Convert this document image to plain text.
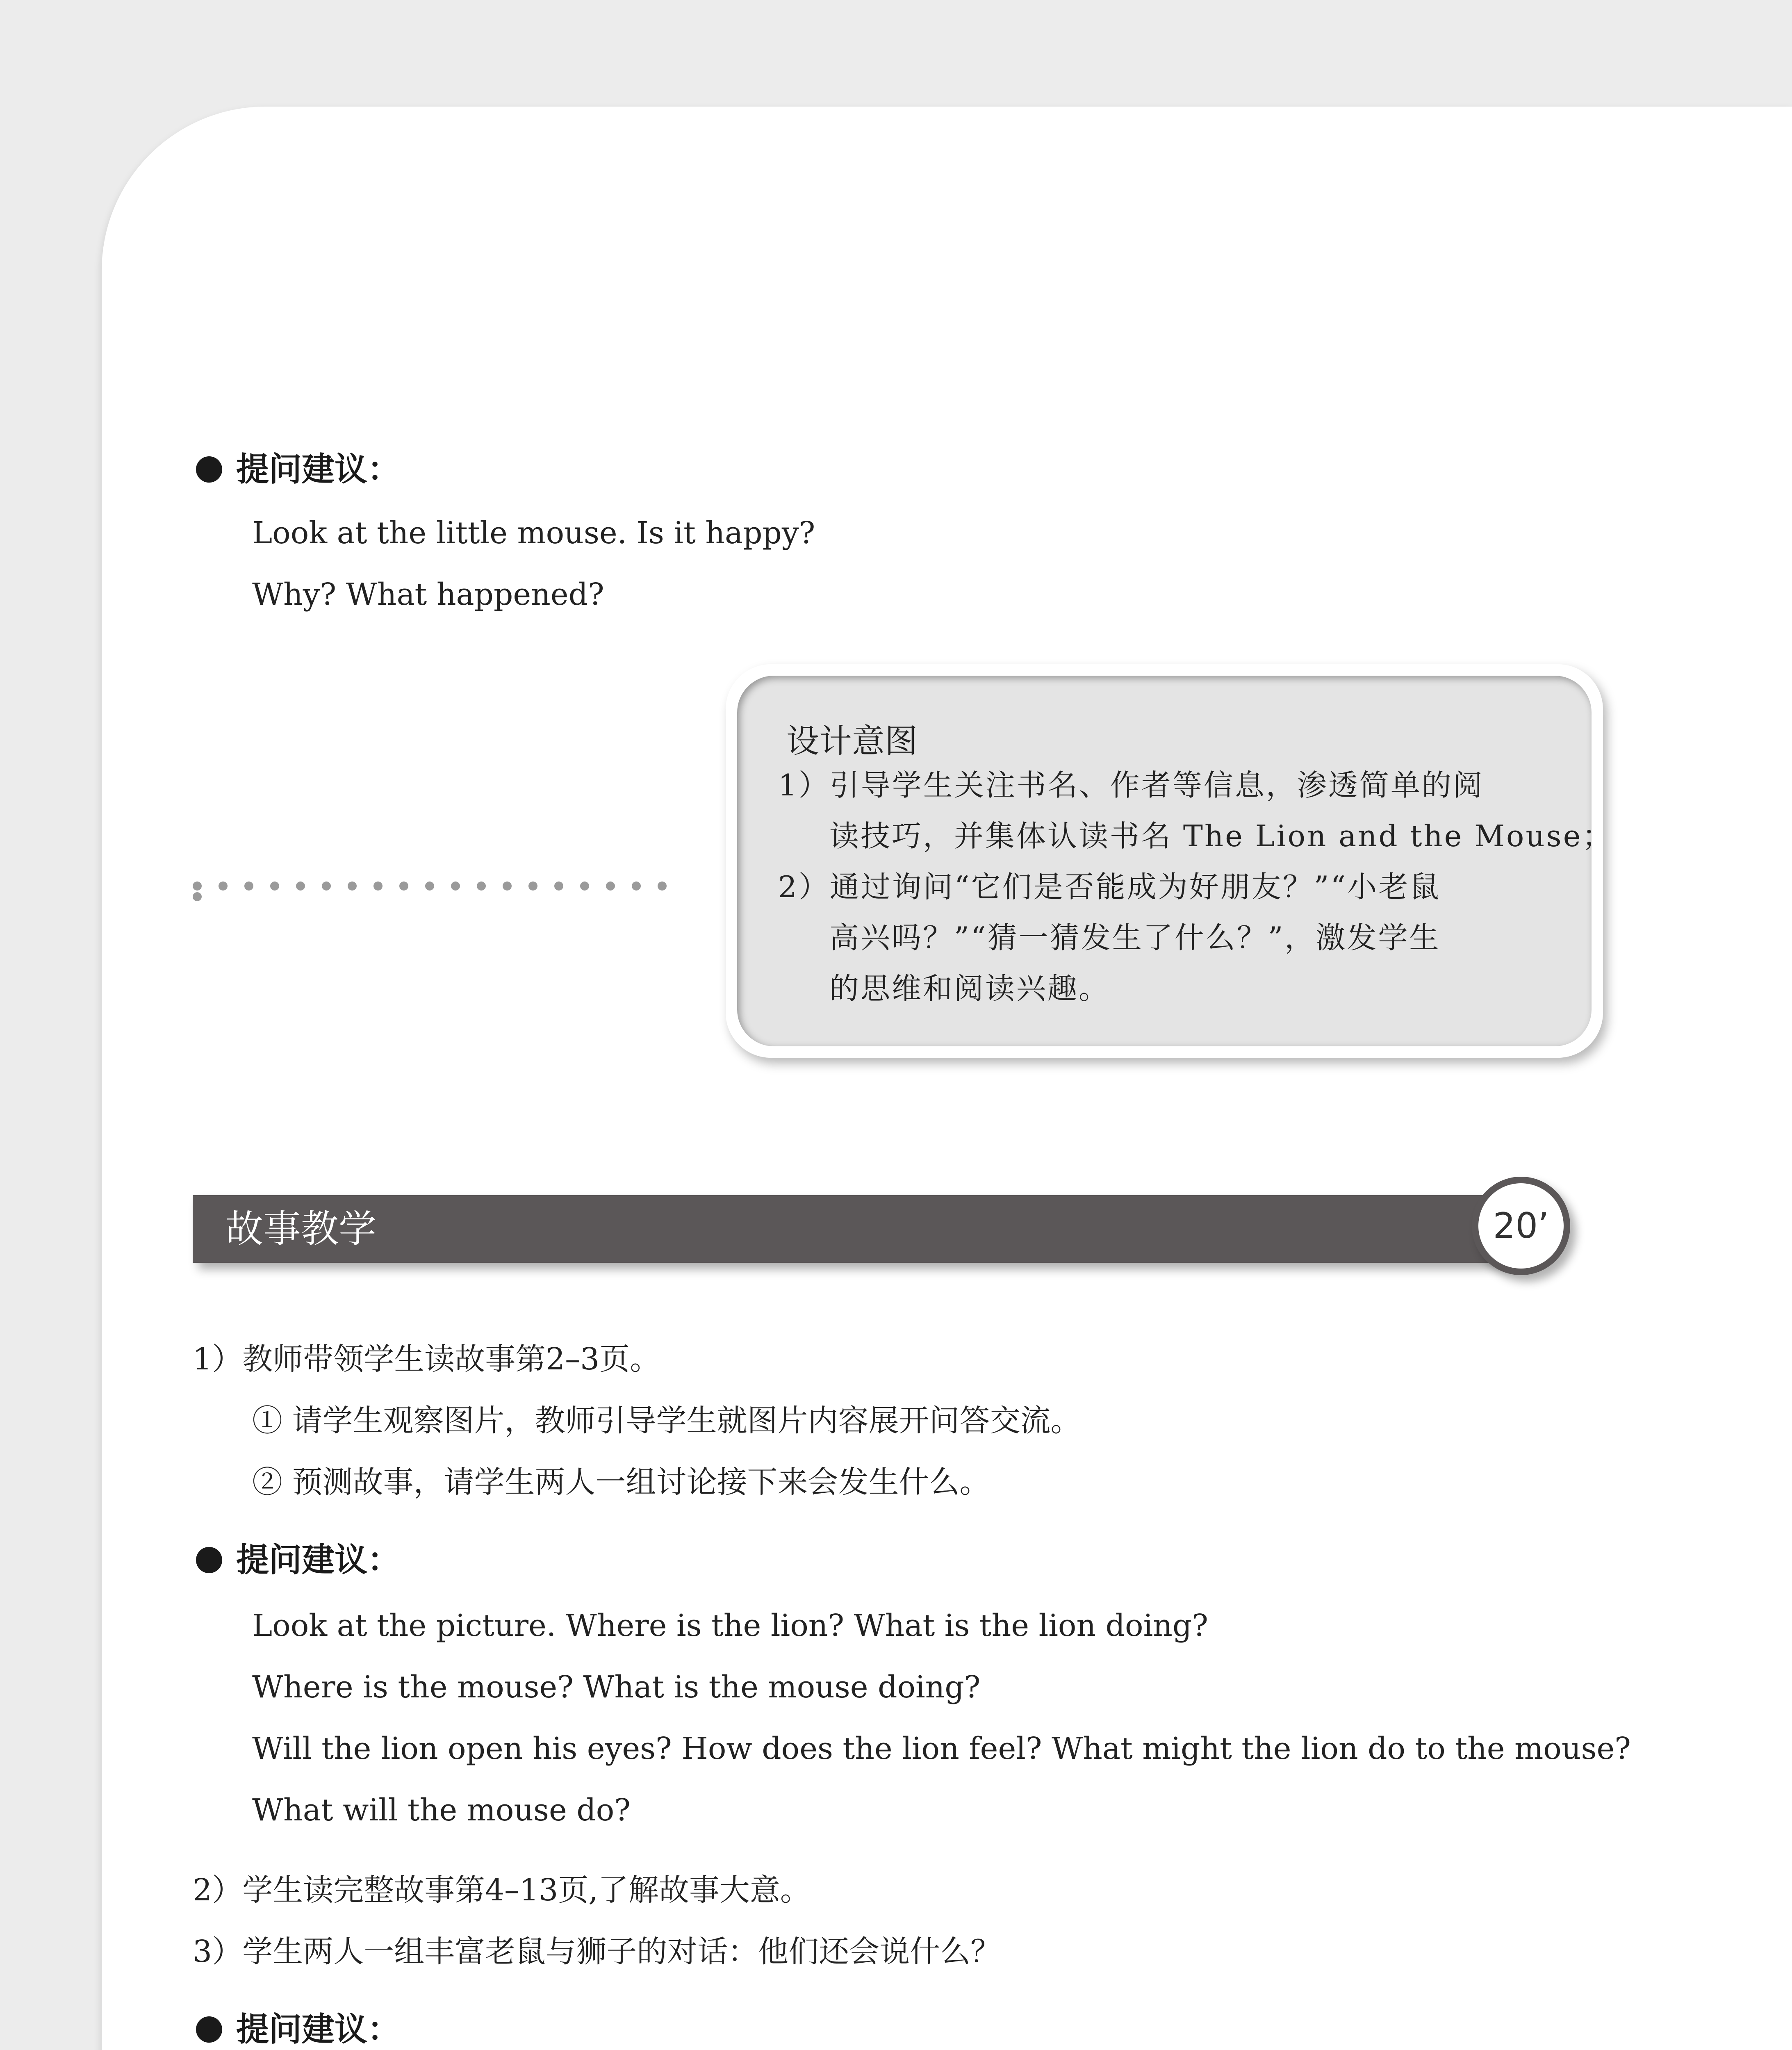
提问建议：
Look at the little mouse. Is it happy?
Why? What happened?
设计意图
1）引导学生关注书名、作者等信息，渗透简单的阅
读技巧，并集体认读书名 The Lion and the Mouse；
2）通过询问“它们是否能成为好朋友？”“小老鼠
高兴吗？”“猜一猜发生了什么？”，激发学生
的思维和阅读兴趣。
故事教学	20’
1）教师带领学生读故事第2–3页。
① 请学生观察图片，教师引导学生就图片内容展开问答交流。
② 预测故事，请学生两人一组讨论接下来会发生什么。
提问建议：
Look at the picture. Where is the lion? What is the lion doing?
Where is the mouse? What is the mouse doing?
Will the lion open his eyes? How does the lion feel? What might the lion do to the mouse?
What will the mouse do?
2）学生读完整故事第4–13页,了解故事大意。
3）学生两人一组丰富老鼠与狮子的对话：他们还会说什么？
提问建议：
